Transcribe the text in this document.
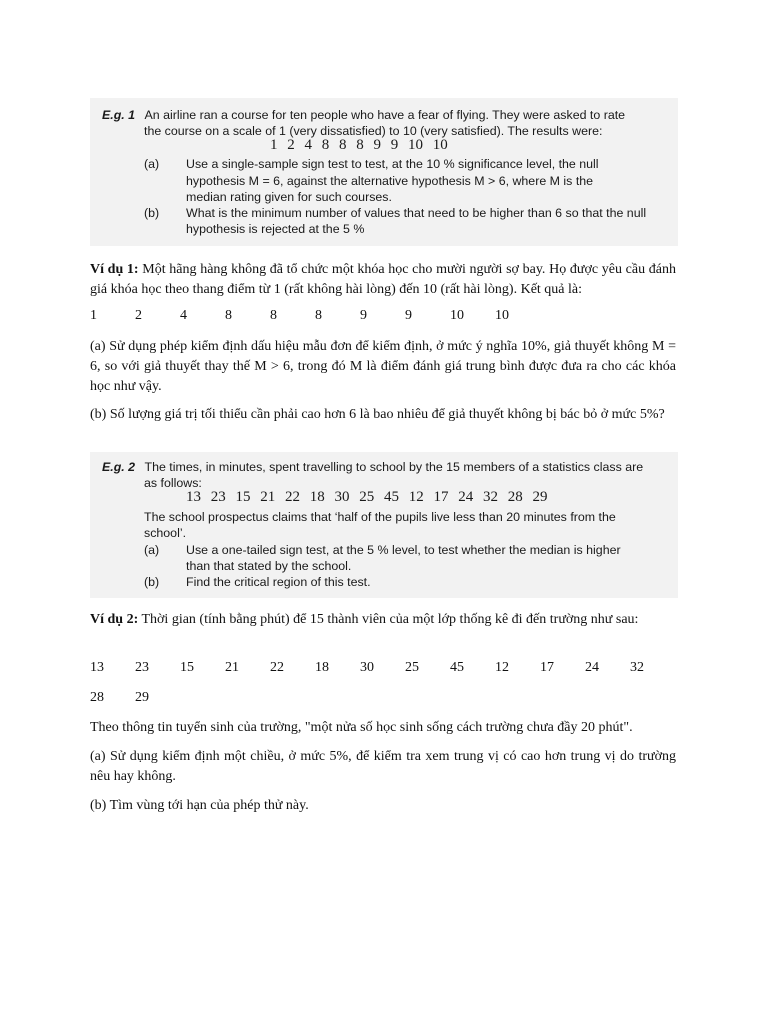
E.g. 1 An airline ran a course for ten people who have a fear of flying. They were asked to rate
the course on a scale of 1 (very dissatisfied) to 10 (very satisfied). The results were:
1 2 4 8 8 8 9 9 10 10
(a) Use a single-sample sign test to test, at the 10 % significance level, the null
hypothesis M = 6, against the alternative hypothesis M > 6, where M is the
median rating given for such courses.
(b) What is the minimum number of values that need to be higher than 6 so that the null
hypothesis is rejected at the 5 %
Ví dụ 1: Một hãng hàng không đã tổ chức một khóa học cho mười người sợ bay. Họ được yêu cầu đánh giá khóa học theo thang điểm từ 1 (rất không hài lòng) đến 10 (rất hài lòng). Kết quả là:
1	2	4	8	8	8	9	9	10 10
(a) Sử dụng phép kiểm định dấu hiệu mẫu đơn để kiểm định, ở mức ý nghĩa 10%, giả thuyết không M = 6, so với giả thuyết thay thế M > 6, trong đó M là điểm đánh giá trung bình được đưa ra cho các khóa học như vậy.
(b) Số lượng giá trị tối thiểu cần phải cao hơn 6 là bao nhiêu để giả thuyết không bị bác bỏ ở mức 5%?
E.g. 2 The times, in minutes, spent travelling to school by the 15 members of a statistics class are
as follows:
13 23 15 21 22 18 30 25 45 12 17 24 32 28 29
The school prospectus claims that ‘half of the pupils live less than 20 minutes from the
school’.
(a) Use a one-tailed sign test, at the 5 % level, to test whether the median is higher
than that stated by the school.
(b) Find the critical region of this test.
Ví dụ 2: Thời gian (tính bằng phút) để 15 thành viên của một lớp thống kê đi đến trường như sau:
13 23 15 21 22 18 30 25 45 12 17 24 32
28 29
Theo thông tin tuyển sinh của trường, "một nửa số học sinh sống cách trường chưa đầy 20 phút".
(a) Sử dụng kiểm định một chiều, ở mức 5%, để kiểm tra xem trung vị có cao hơn trung vị do trường nêu hay không.
(b) Tìm vùng tới hạn của phép thử này.
